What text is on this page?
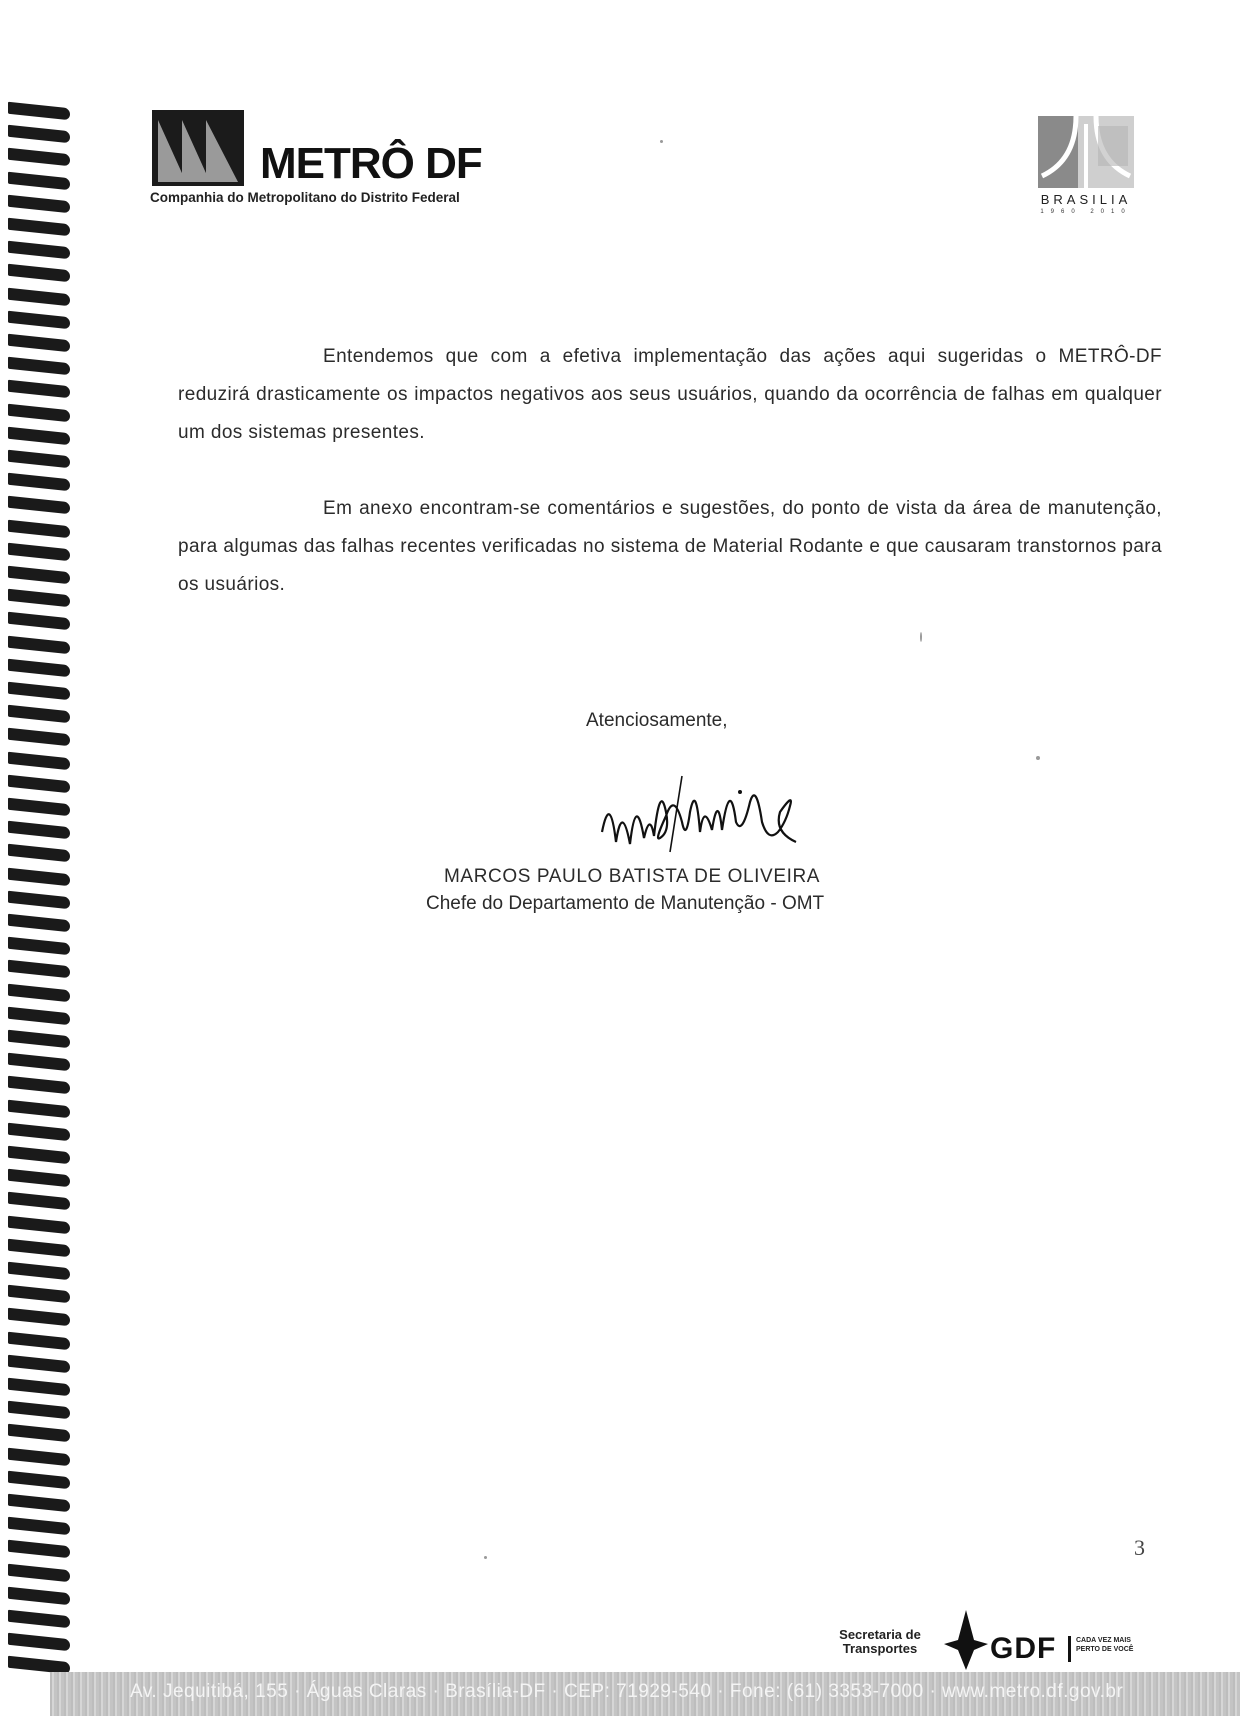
METRÔ DF
Companhia do Metropolitano do Distrito Federal	BRASILIA
1960 2010
Entendemos que com a efetiva implementação das ações aqui sugeridas o METRÔ-DF reduzirá drasticamente os impactos negativos aos seus usuários, quando da ocorrência de falhas em qualquer um dos sistemas presentes.
Em anexo encontram-se comentários e sugestões, do ponto de vista da área de manutenção, para algumas das falhas recentes verificadas no sistema de Material Rodante e que causaram transtornos para os usuários.
Atenciosamente,
MARCOS PAULO BATISTA DE OLIVEIRA
Chefe do Departamento de Manutenção - OMT
3
Secretaria de
Transportes	GDF	CADA VEZ MAIS PERTO DE VOCÊ
Av. Jequitibá, 155 · Águas Claras · Brasília-DF · CEP: 71929-540 · Fone: (61) 3353-7000 · www.metro.df.gov.br
